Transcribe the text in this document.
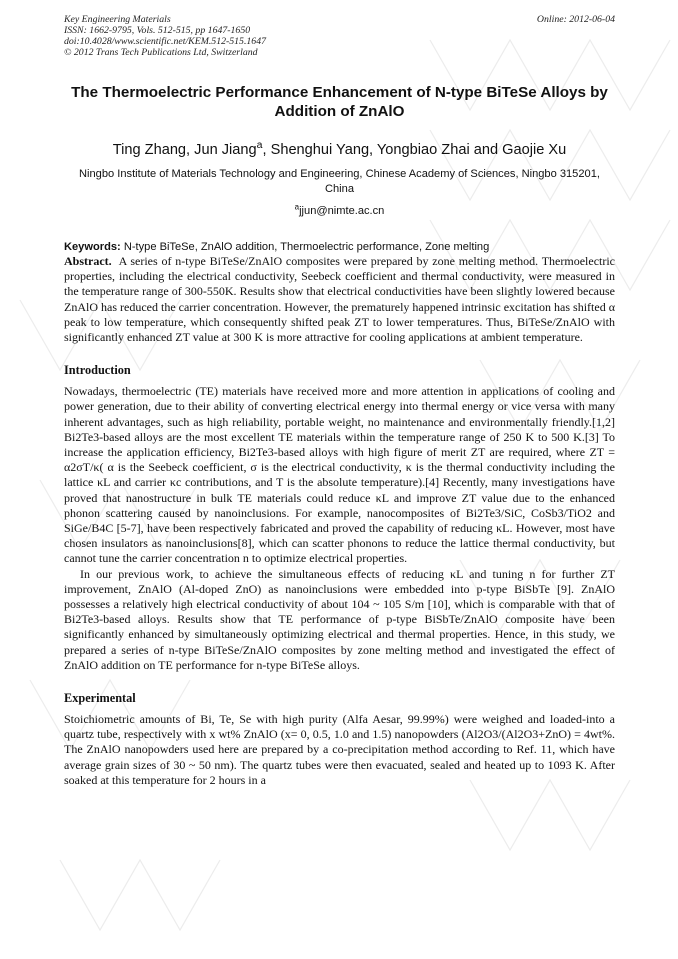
Key Engineering Materials
ISSN: 1662-9795, Vols. 512-515, pp 1647-1650
doi:10.4028/www.scientific.net/KEM.512-515.1647
© 2012 Trans Tech Publications Ltd, Switzerland
Online: 2012-06-04
The Thermoelectric Performance Enhancement of N-type BiTeSe Alloys by Addition of ZnAlO
Ting Zhang, Jun Jiang$^a$, Shenghui Yang, Yongbiao Zhai and Gaojie Xu
Ningbo Institute of Materials Technology and Engineering, Chinese Academy of Sciences, Ningbo 315201, China
$^a$jjun@nimte.ac.cn
Keywords: N-type BiTeSe, ZnAlO addition, Thermoelectric performance, Zone melting

Abstract. A series of n-type BiTeSe/ZnAlO composites were prepared by zone melting method. Thermoelectric properties, including the electrical conductivity, Seebeck coefficient and thermal conductivity, were measured in the temperature range of 300-550K. Results show that electrical conductivities have been slightly lowered because ZnAlO has reduced the carrier concentration. However, the prematurely happened intrinsic excitation has shifted α peak to low temperature, which consequently shifted peak ZT to lower temperatures. Thus, BiTeSe/ZnAlO with significantly enhanced ZT value at 300 K is more attractive for cooling applications at ambient temperature.

Introduction

Nowadays, thermoelectric (TE) materials have received more and more attention in applications of cooling and power generation, due to their ability of converting electrical energy into thermal energy or vice versa with many inherent advantages, such as high reliability, portable weight, no maintenance and environmentally friendly.[1,2] Bi2Te3-based alloys are the most excellent TE materials within the temperature range of 250 K to 500 K.[3] To increase the application efficiency, Bi2Te3-based alloys with high figure of merit ZT are required, where ZT = α2σT/κ( α is the Seebeck coefficient, σ is the electrical conductivity, κ is the thermal conductivity including the lattice κL and carrier κc contributions, and T is the absolute temperature).[4] Recently, many investigations have proved that nanostructure in bulk TE materials could reduce κL and improve ZT value due to the enhanced phonon scattering caused by nanoinclusions. For example, nanocomposites of Bi2Te3/SiC, CoSb3/TiO2 and SiGe/B4C [5-7], have been respectively fabricated and proved the capability of reducing κL. However, most have chosen insulators as nanoinclusions[8], which can scatter phonons to reduce the lattice thermal conductivity, but cannot tune the carrier concentration n to optimize electrical properties.

In our previous work, to achieve the simultaneous effects of reducing κL and tuning n for further ZT improvement, ZnAlO (Al-doped ZnO) as nanoinclusions were embedded into p-type BiSbTe [9]. ZnAlO possesses a relatively high electrical conductivity of about 104 ~ 105 S/m [10], which is comparable with that of Bi2Te3-based alloys. Results show that TE performance of p-type BiSbTe/ZnAlO composite have been significantly enhanced by simultaneously optimizing electrical and thermal properties. Hence, in this study, we prepared a series of n-type BiTeSe/ZnAlO composites by zone melting method and investigated the effect of ZnAlO addition on TE performance for n-type BiTeSe alloys.

Experimental

Stoichiometric amounts of Bi, Te, Se with high purity (Alfa Aesar, 99.99%) were weighed and loaded-into a quartz tube, respectively with x wt% ZnAlO (x= 0, 0.5, 1.0 and 1.5) nanopowders (Al2O3/(Al2O3+ZnO) = 4wt%. The ZnAlO nanopowders used here are prepared by a co-precipitation method according to Ref. 11, which have average grain sizes of 30 ~ 50 nm). The quartz tubes were then evacuated, sealed and heated up to 1093 K. After soaked at this temperature for 2 hours in a
